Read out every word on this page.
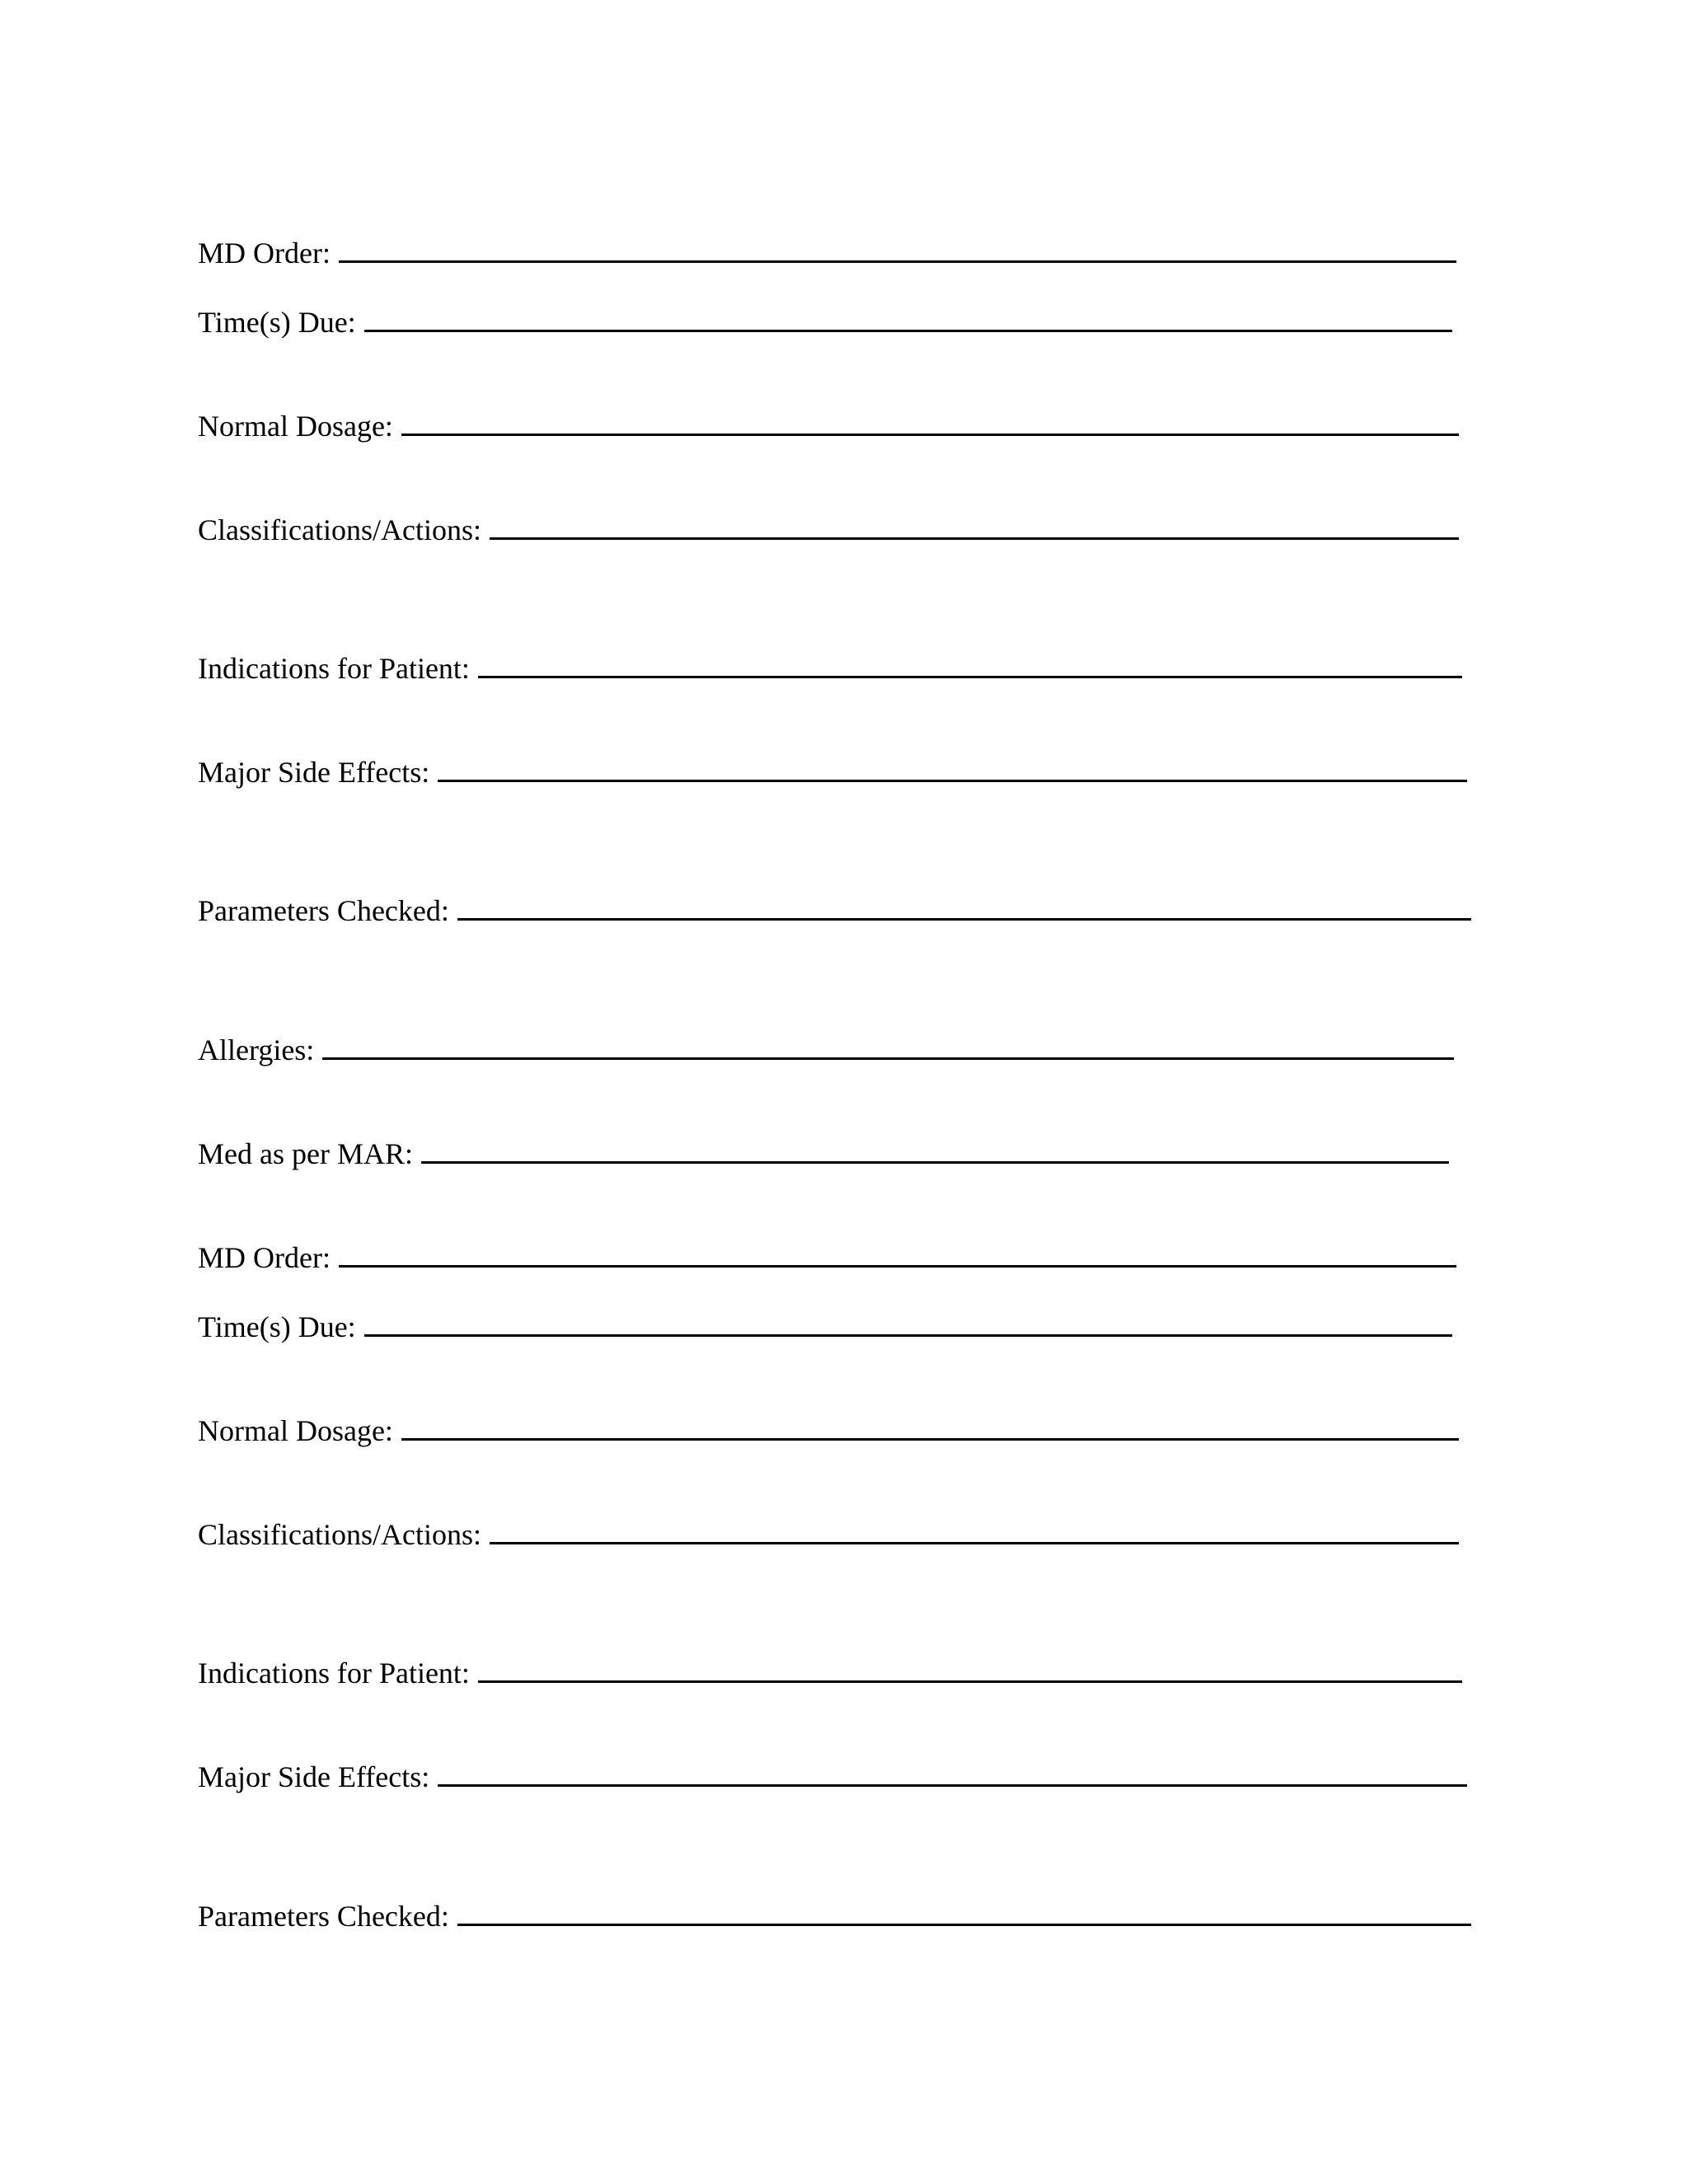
MD Order:
Time(s) Due:
Normal Dosage:
Classifications/Actions:
Indications for Patient:
Major Side Effects:
Parameters Checked:
Allergies:
Med as per MAR:
MD Order:
Time(s) Due:
Normal Dosage:
Classifications/Actions:
Indications for Patient:
Major Side Effects:
Parameters Checked:
